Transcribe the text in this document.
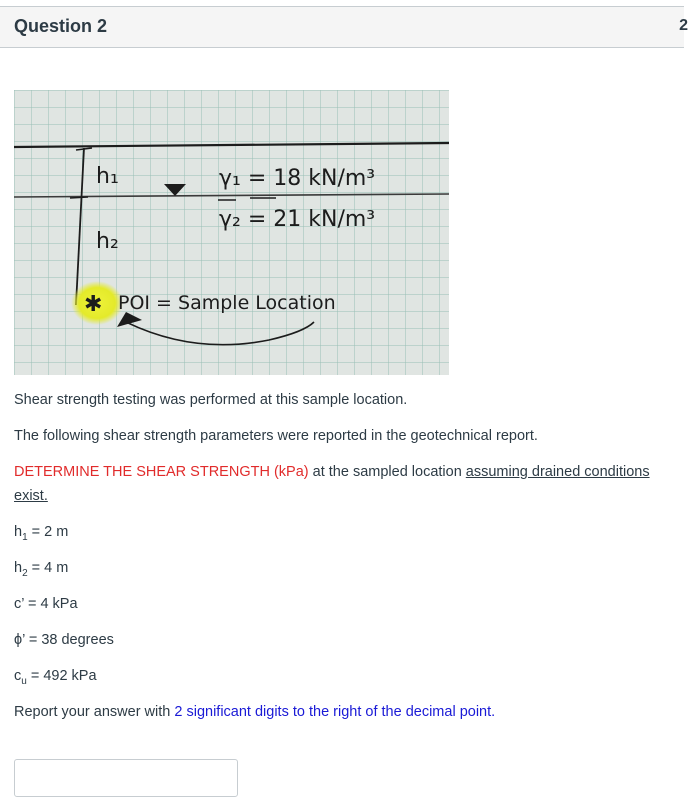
Question 2	2
h₁
h₂
γ₁ = 18 kN/m³
γ₂ = 21 kN/m³
✱ POI = Sample Location
Shear strength testing was performed at this sample location.
The following shear strength parameters were reported in the geotechnical report.
DETERMINE THE SHEAR STRENGTH (kPa) at the sampled location assuming drained conditions
exist.
$h_1 = 2$ m
$h_2 = 4$ m
c’ = 4 kPa
ϕ’ = 38 degrees
$c_u = 492$ kPa
Report your answer with 2 significant digits to the right of the decimal point.
